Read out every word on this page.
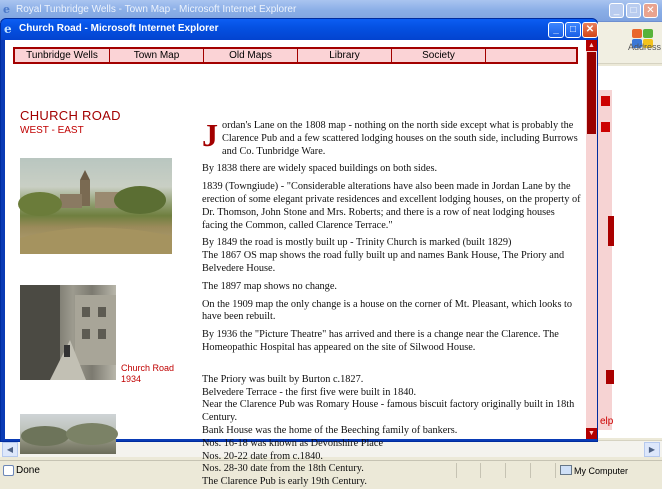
e Royal Tunbridge Wells - Town Map - Microsoft Internet Explorer	_	□ ✕
Address
elp
◀	▶
Done	My Computer
e Church Road - Microsoft Internet Explorer	_	□ ✕
Tunbridge Wells	Town Map	Old Maps	Library	Society
CHURCH ROAD
WEST - EAST
Church Road
1934
J ordan's Lane on the 1808 map - nothing on the north side except what is probably the Clarence Pub and a few scattered lodging houses on the south side, including Burrows and Co. Tunbridge Ware.

By 1838 there are widely spaced buildings on both sides.

1839 (Towngiude) - "Considerable alterations have also been made in Jordan Lane by the erection of some elegant private residences and excellent lodging houses, on the property of Dr. Thomson, John Stone and Mrs. Roberts; and there is a row of neat lodging houses facing the Common, called Clarence Terrace."

By 1849 the road is mostly built up - Trinity Church is marked (built 1829)

The 1867 OS map shows the road fully built up and names Bank House, The Priory and Belvedere House.

The 1897 map shows no change.

On the 1909 map the only change is a house on the corner of Mt. Pleasant, which looks to have been rebuilt.

By 1936 the "Picture Theatre" has arrived and there is a change near the Clarence. The Homeopathic Hospital has appeared on the site of Silwood House.

The Priory was built by Burton c.1827.

Belvedere Terrace - the first five were built in 1840.

Near the Clarence Pub was Romary House - famous biscuit factory originally built in 18th Century.

Bank House was the home of the Beeching family of bankers.

Nos. 16-18 was known as Devonshire Place

Nos. 20-22 date from c.1840.

Nos. 28-30 date from the 18th Century.

The Clarence Pub is early 19th Century.

▲
▼
